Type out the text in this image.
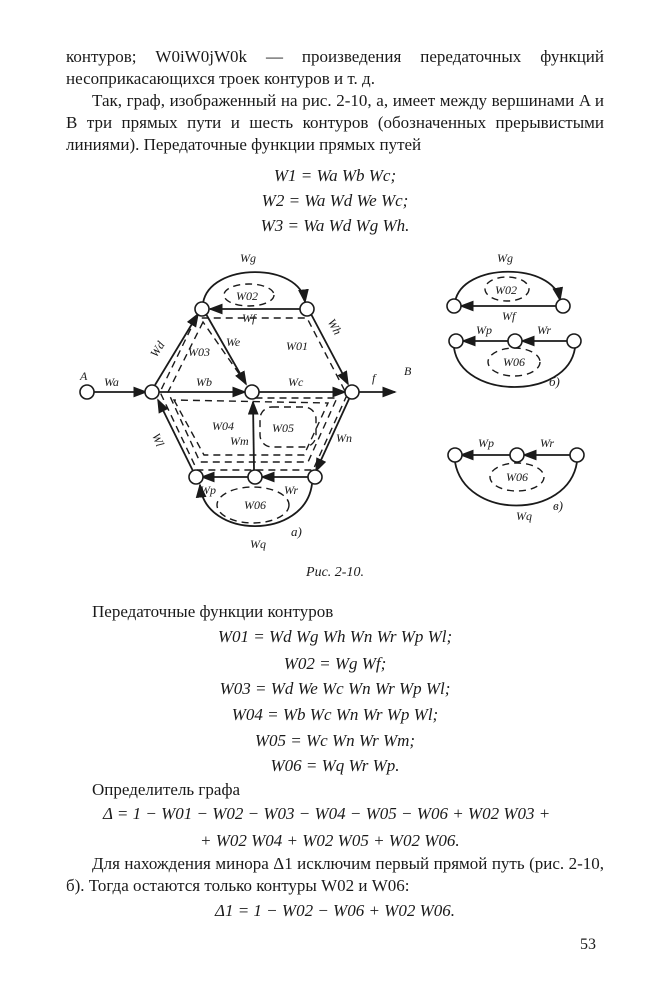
контуров; W0iW0jW0k — произведения передаточных функций несоприкасающихся троек контуров и т. д.

Так, граф, изображенный на рис. 2-10, а, имеет между вершинами A и B три прямых пути и шесть контуров (обозначенных прерывистыми линиями). Передаточные функции прямых путей

W1 = Wa Wb Wc;

W2 = Wa Wd We Wc;

W3 = Wa Wd Wg Wh.

A	B
f
Wa	Wb	Wc
Wd	We
Wf
Wg
Wh
Wl	Wm	Wn
Wp	Wr
Wq
W01
W02
W03
W04	W05
W06
а)
Wg
Wf
Wp	Wr
W02
W06
б)
Wp	Wr
Wq
W06
в)

Рис. 2-10.

Передаточные функции контуров

W01 = Wd Wg Wh Wn Wr Wp Wl;

W02 = Wg Wf;

W03 = Wd We Wc Wn Wr Wp Wl;

W04 = Wb Wc Wn Wr Wp Wl;

W05 = Wc Wn Wr Wm;

W06 = Wq Wr Wp.

Определитель графа

Δ = 1 − W01 − W02 − W03 − W04 − W05 − W06 + W02 W03 +

+ W02 W04 + W02 W05 + W02 W06.

Для нахождения минора Δ1 исключим первый прямой путь (рис. 2-10, б). Тогда остаются только контуры W02 и W06:

Δ1 = 1 − W02 − W06 + W02 W06.

53
